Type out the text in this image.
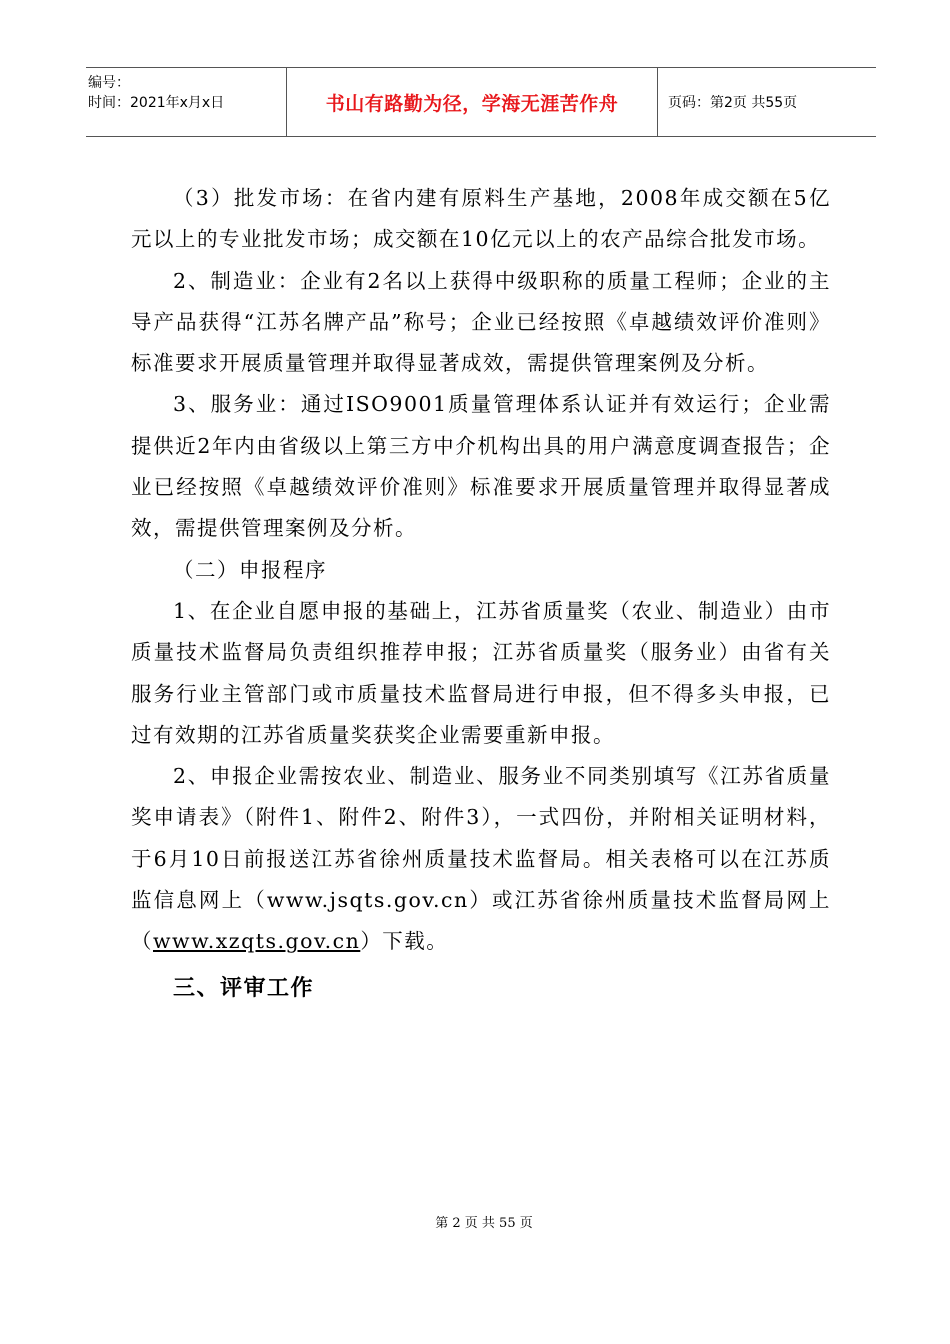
编号：
时间：2021年x月x日	书山有路勤为径，学海无涯苦作舟	页码：第2页 共55页

（3）批发市场：在省内建有原料生产基地，2008年成交额在5亿元以上的专业批发市场；成交额在10亿元以上的农产品综合批发市场。

2、制造业：企业有2名以上获得中级职称的质量工程师；企业的主导产品获得“江苏名牌产品”称号；企业已经按照《卓越绩效评价准则》标准要求开展质量管理并取得显著成效，需提供管理案例及分析。

3、服务业：通过ISO9001质量管理体系认证并有效运行；企业需提供近2年内由省级以上第三方中介机构出具的用户满意度调查报告；企业已经按照《卓越绩效评价准则》标准要求开展质量管理并取得显著成效，需提供管理案例及分析。

（二）申报程序

1、在企业自愿申报的基础上，江苏省质量奖（农业、制造业）由市质量技术监督局负责组织推荐申报；江苏省质量奖（服务业）由省有关服务行业主管部门或市质量技术监督局进行申报，但不得多头申报，已过有效期的江苏省质量奖获奖企业需要重新申报。

2、申报企业需按农业、制造业、服务业不同类别填写《江苏省质量奖申请表》（附件1、附件2、附件3），一式四份，并附相关证明材料，于6月10日前报送江苏省徐州质量技术监督局。相关表格可以在江苏质监信息网上（www.jsqts.gov.cn）或江苏省徐州质量技术监督局网上（www.xzqts.gov.cn）下载。

三、评审工作
第 2 页 共 55 页
